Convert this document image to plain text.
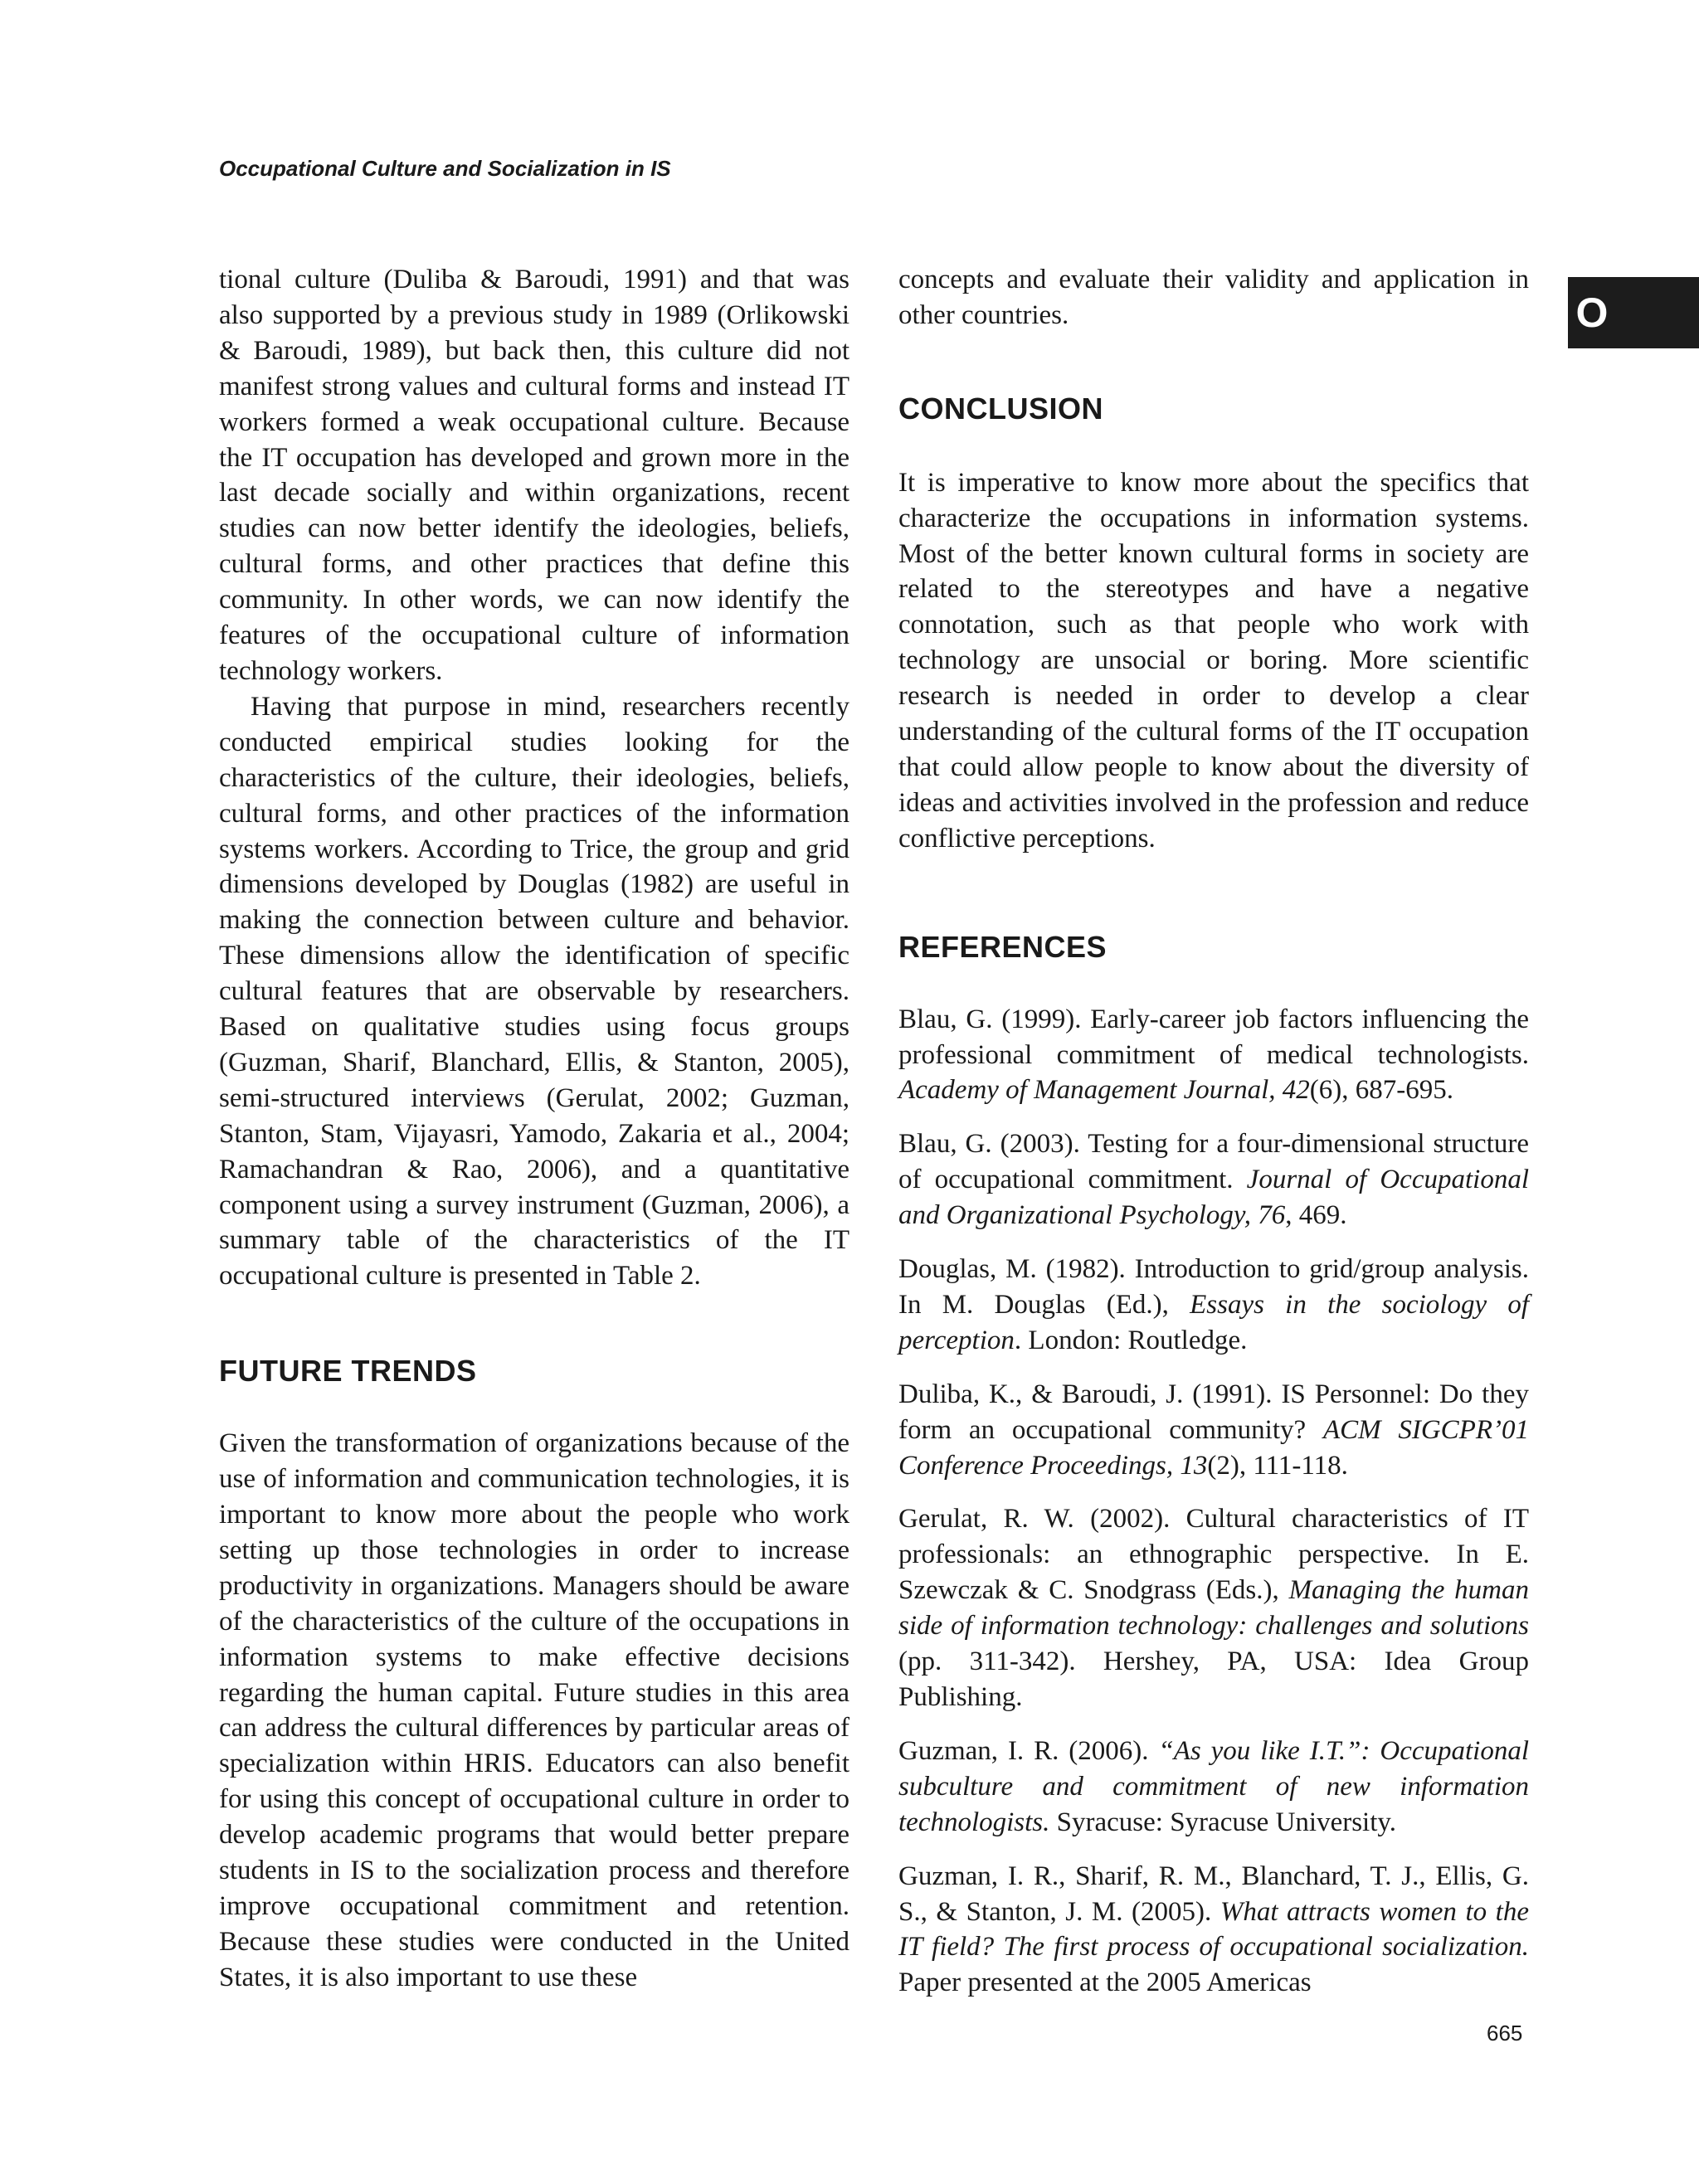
Occupational Culture and Socialization in IS
O

tional culture (Duliba & Baroudi, 1991) and that was also supported by a previous study in 1989 (Orlikowski & Baroudi, 1989), but back then, this culture did not manifest strong values and cultural forms and instead IT workers formed a weak occupational culture. Because the IT occupation has developed and grown more in the last decade socially and within organizations, recent studies can now better identify the ideologies, beliefs, cultural forms, and other practices that define this community. In other words, we can now identify the features of the occupational culture of information technology workers.

Having that purpose in mind, researchers recently conducted empirical studies looking for the characteristics of the culture, their ideologies, beliefs, cultural forms, and other practices of the information systems workers. According to Trice, the group and grid dimensions developed by Douglas (1982) are useful in making the connection between culture and behavior. These dimensions allow the identification of specific cultural features that are observable by researchers. Based on qualitative studies using focus groups (Guzman, Sharif, Blanchard, Ellis, & Stanton, 2005), semi-structured interviews (Gerulat, 2002; Guzman, Stanton, Stam, Vijayasri, Yamodo, Zakaria et al., 2004; Ramachandran & Rao, 2006), and a quantitative component using a survey instrument (Guzman, 2006), a summary table of the characteristics of the IT occupational culture is presented in Table 2.

FUTURE TRENDS

Given the transformation of organizations because of the use of information and communication technologies, it is important to know more about the people who work setting up those technologies in order to increase productivity in organizations. Managers should be aware of the characteristics of the culture of the occupations in information systems to make effective decisions regarding the human capital. Future studies in this area can address the cultural differences by particular areas of specialization within HRIS. Educators can also benefit for using this concept of occupational culture in order to develop academic programs that would better prepare students in IS to the socialization process and therefore improve occupational commitment and retention. Because these studies were conducted in the United States, it is also important to use these

concepts and evaluate their validity and application in other countries.

CONCLUSION

It is imperative to know more about the specifics that characterize the occupations in information systems. Most of the better known cultural forms in society are related to the stereotypes and have a negative connotation, such as that people who work with technology are unsocial or boring. More scientific research is needed in order to develop a clear understanding of the cultural forms of the IT occupation that could allow people to know about the diversity of ideas and activities involved in the profession and reduce conflictive perceptions.

REFERENCES

Blau, G. (1999). Early-career job factors influencing the professional commitment of medical technologists. Academy of Management Journal, 42(6), 687-695.

Blau, G. (2003). Testing for a four-dimensional structure of occupational commitment. Journal of Occupational and Organizational Psychology, 76, 469.

Douglas, M. (1982). Introduction to grid/group analysis. In M. Douglas (Ed.), Essays in the sociology of perception. London: Routledge.

Duliba, K., & Baroudi, J. (1991). IS Personnel: Do they form an occupational community? ACM SIGCPR’01 Conference Proceedings, 13(2), 111-118.

Gerulat, R. W. (2002). Cultural characteristics of IT professionals: an ethnographic perspective. In E. Szewczak & C. Snodgrass (Eds.), Managing the human side of information technology: challenges and solutions (pp. 311-342). Hershey, PA, USA: Idea Group Publishing.

Guzman, I. R. (2006). “As you like I.T.”: Occupational subculture and commitment of new information technologists. Syracuse: Syracuse University.

Guzman, I. R., Sharif, R. M., Blanchard, T. J., Ellis, G. S., & Stanton, J. M. (2005). What attracts women to the IT field? The first process of occupational socialization. Paper presented at the 2005 Americas

665
